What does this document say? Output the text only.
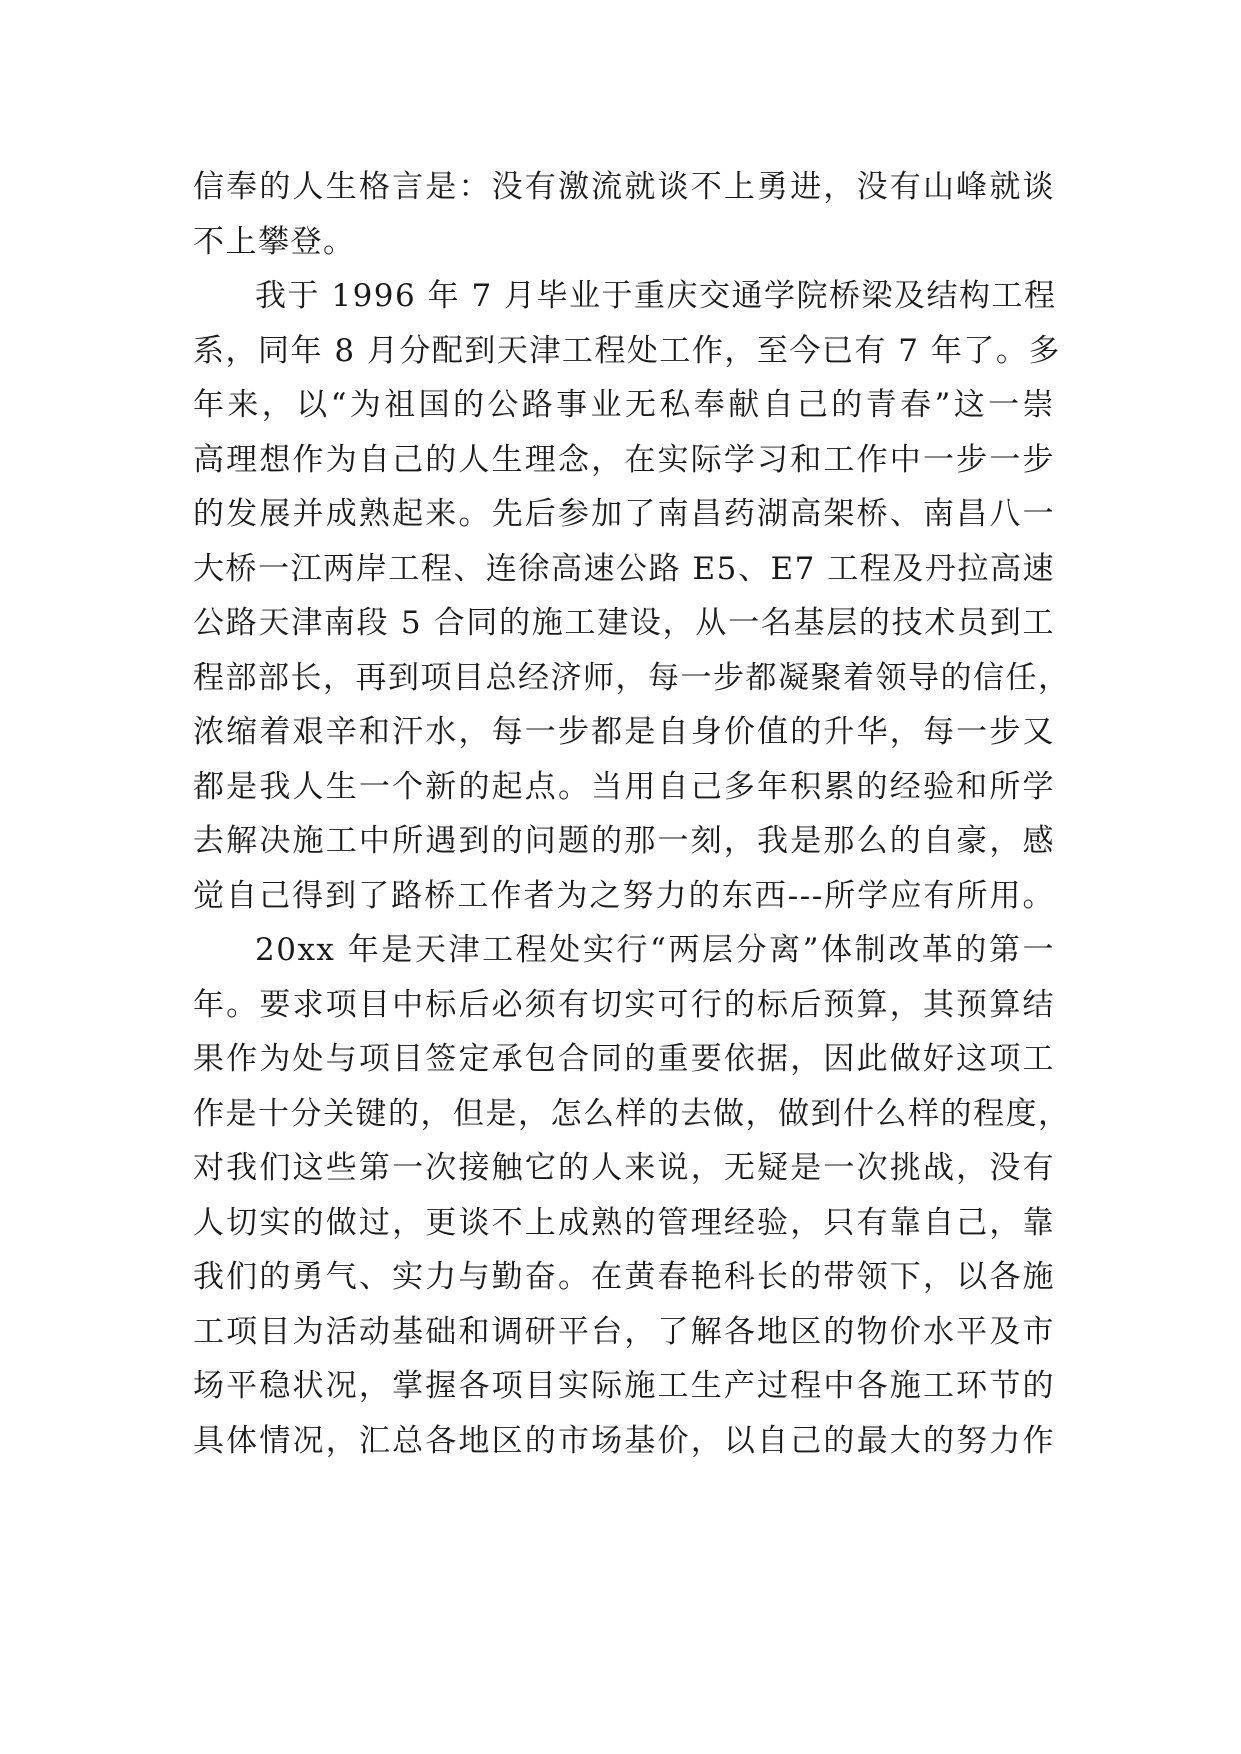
信奉的人生格言是：没有激流就谈不上勇进，没有山峰就谈
不上攀登。
我于 1996 年 7 月毕业于重庆交通学院桥梁及结构工程
系，同年 8 月分配到天津工程处工作，至今已有 7 年了。多
年来，以“为祖国的公路事业无私奉献自己的青春”这一崇
高理想作为自己的人生理念，在实际学习和工作中一步一步
的发展并成熟起来。先后参加了南昌药湖高架桥、南昌八一
大桥一江两岸工程、连徐高速公路 E5、E7 工程及丹拉高速
公路天津南段 5 合同的施工建设，从一名基层的技术员到工
程部部长，再到项目总经济师，每一步都凝聚着领导的信任，
浓缩着艰辛和汗水，每一步都是自身价值的升华，每一步又
都是我人生一个新的起点。当用自己多年积累的经验和所学
去解决施工中所遇到的问题的那一刻，我是那么的自豪，感
觉自己得到了路桥工作者为之努力的东西---所学应有所用。
20xx 年是天津工程处实行“两层分离”体制改革的第一
年。要求项目中标后必须有切实可行的标后预算，其预算结
果作为处与项目签定承包合同的重要依据，因此做好这项工
作是十分关键的，但是，怎么样的去做，做到什么样的程度，
对我们这些第一次接触它的人来说，无疑是一次挑战，没有
人切实的做过，更谈不上成熟的管理经验，只有靠自己，靠
我们的勇气、实力与勤奋。在黄春艳科长的带领下，以各施
工项目为活动基础和调研平台，了解各地区的物价水平及市
场平稳状况，掌握各项目实际施工生产过程中各施工环节的
具体情况，汇总各地区的市场基价，以自己的最大的努力作
